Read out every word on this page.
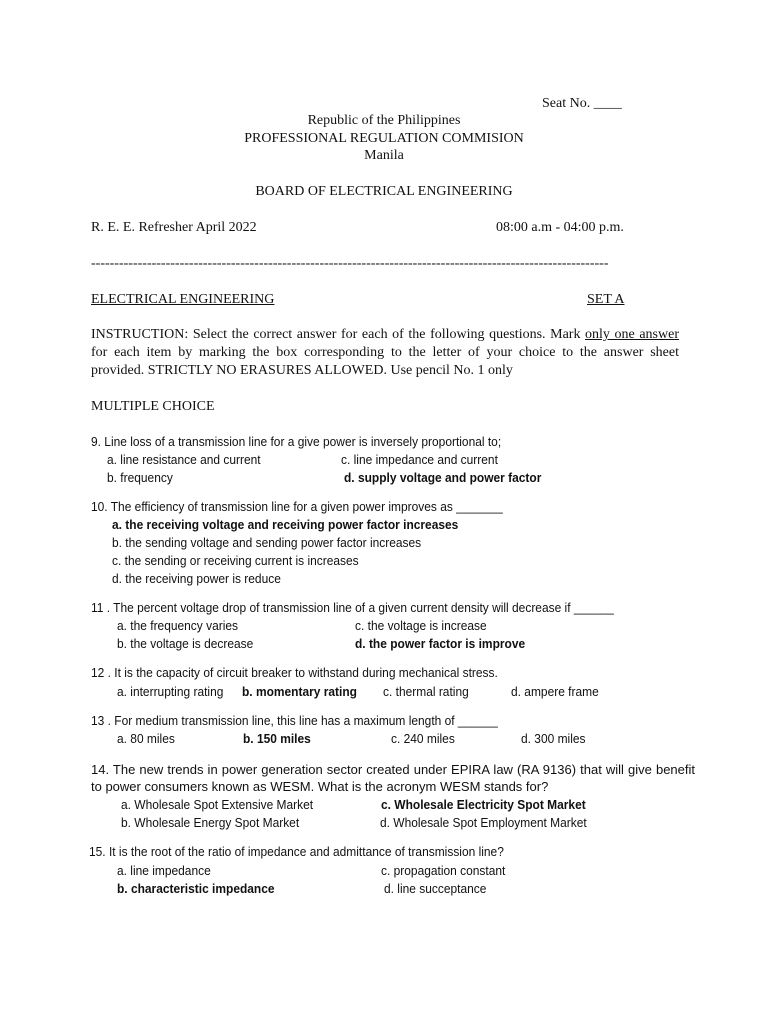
Seat No. ____
Republic of the Philippines
PROFESSIONAL REGULATION COMMISION
Manila
BOARD OF ELECTRICAL ENGINEERING
R. E. E. Refresher April 2022	08:00 a.m - 04:00 p.m.
---------------------------------------------------------------------------------------------------------------
ELECTRICAL ENGINEERING	SET A
INSTRUCTION: Select the correct answer for each of the following questions. Mark only one answer for each item by marking the box corresponding to the letter of your choice to the answer sheet provided. STRICTLY NO ERASURES ALLOWED. Use pencil No. 1 only
MULTIPLE CHOICE
9. Line loss of a transmission line for a give power is inversely proportional to;
a. line resistance and current	c. line impedance and current
b. frequency	d. supply voltage and power factor
10. The efficiency of transmission line for a given power improves as _______
a. the receiving voltage and receiving power factor increases
b. the sending voltage and sending power factor increases
c. the sending or receiving current is increases
d. the receiving power is reduce
11 . The percent voltage drop of transmission line of a given current density will decrease if ______
a. the frequency varies	c. the voltage is increase
b. the voltage is decrease	d. the power factor is improve
12 . It is the capacity of circuit breaker to withstand during mechanical stress.
a. interrupting rating b. momentary rating c. thermal rating	d. ampere frame
13 . For medium transmission line, this line has a maximum length of ______
a. 80 miles	b. 150 miles	c. 240 miles	d. 300 miles
14. The new trends in power generation sector created under EPIRA law (RA 9136) that will give benefit to power consumers known as WESM. What is the acronym WESM stands for?
a. Wholesale Spot Extensive Market	c. Wholesale Electricity Spot Market
b. Wholesale Energy Spot Market	d. Wholesale Spot Employment Market
15. It is the root of the ratio of impedance and admittance of transmission line?
a. line impedance	c. propagation constant
b. characteristic impedance	d. line succeptance
